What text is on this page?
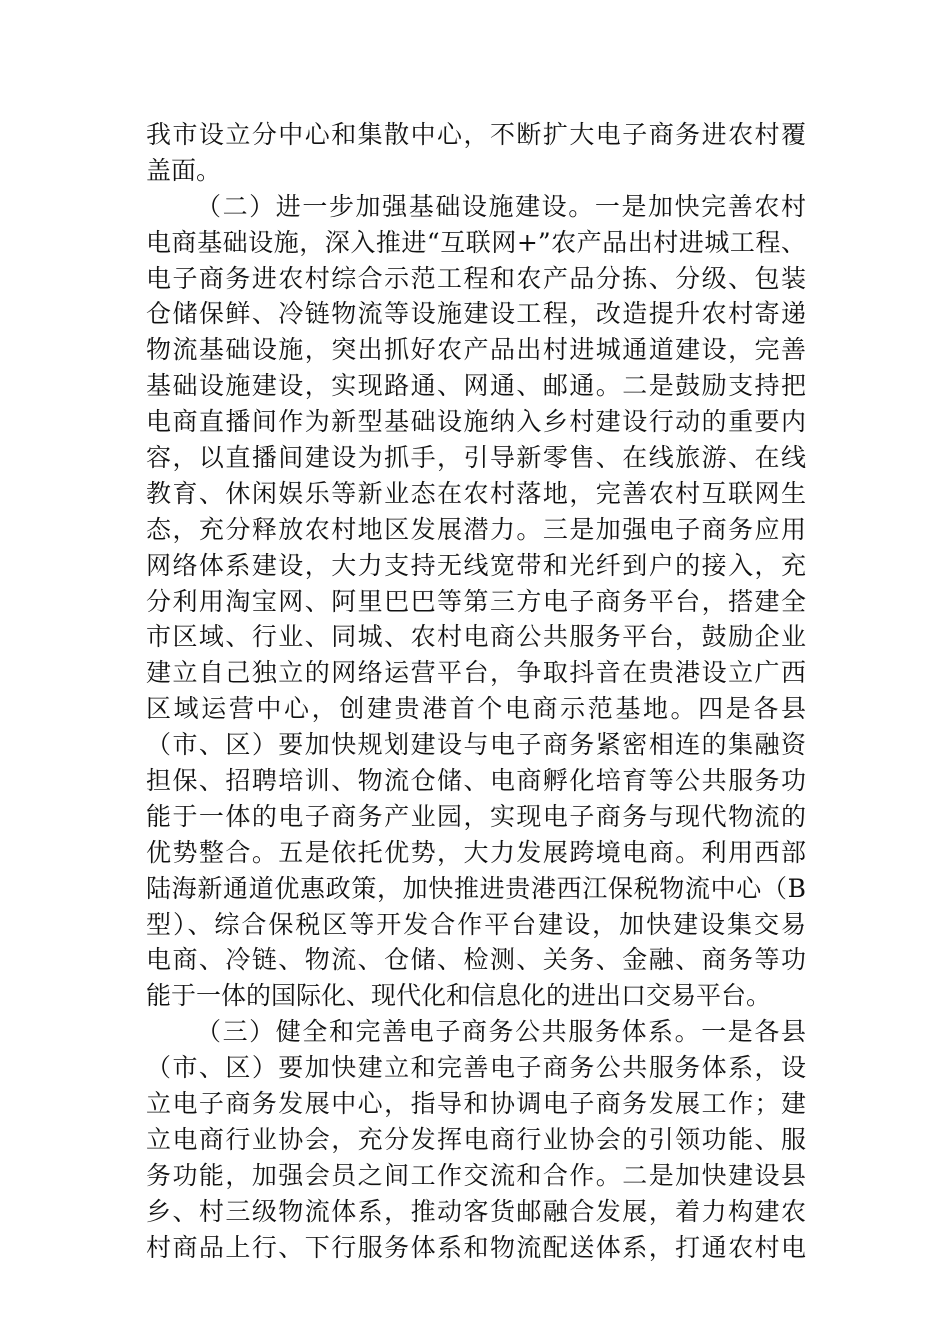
我市设立分中心和集散中心，不断扩大电子商务进农村覆
盖面。
（二）进一步加强基础设施建设。一是加快完善农村
电商基础设施，深入推进“互联网+”农产品出村进城工程、
电子商务进农村综合示范工程和农产品分拣、分级、包装
仓储保鲜、冷链物流等设施建设工程，改造提升农村寄递
物流基础设施，突出抓好农产品出村进城通道建设，完善
基础设施建设，实现路通、网通、邮通。二是鼓励支持把
电商直播间作为新型基础设施纳入乡村建设行动的重要内
容，以直播间建设为抓手，引导新零售、在线旅游、在线
教育、休闲娱乐等新业态在农村落地，完善农村互联网生
态，充分释放农村地区发展潜力。三是加强电子商务应用
网络体系建设，大力支持无线宽带和光纤到户的接入，充
分利用淘宝网、阿里巴巴等第三方电子商务平台，搭建全
市区域、行业、同城、农村电商公共服务平台，鼓励企业
建立自己独立的网络运营平台，争取抖音在贵港设立广西
区域运营中心，创建贵港首个电商示范基地。四是各县
（市、区）要加快规划建设与电子商务紧密相连的集融资
担保、招聘培训、物流仓储、电商孵化培育等公共服务功
能于一体的电子商务产业园，实现电子商务与现代物流的
优势整合。五是依托优势，大力发展跨境电商。利用西部
陆海新通道优惠政策，加快推进贵港西江保税物流中心（B
型）、综合保税区等开发合作平台建设，加快建设集交易
电商、冷链、物流、仓储、检测、关务、金融、商务等功
能于一体的国际化、现代化和信息化的进出口交易平台。
（三）健全和完善电子商务公共服务体系。一是各县
（市、区）要加快建立和完善电子商务公共服务体系，设
立电子商务发展中心，指导和协调电子商务发展工作；建
立电商行业协会，充分发挥电商行业协会的引领功能、服
务功能，加强会员之间工作交流和合作。二是加快建设县
乡、村三级物流体系，推动客货邮融合发展，着力构建农
村商品上行、下行服务体系和物流配送体系，打通农村电
